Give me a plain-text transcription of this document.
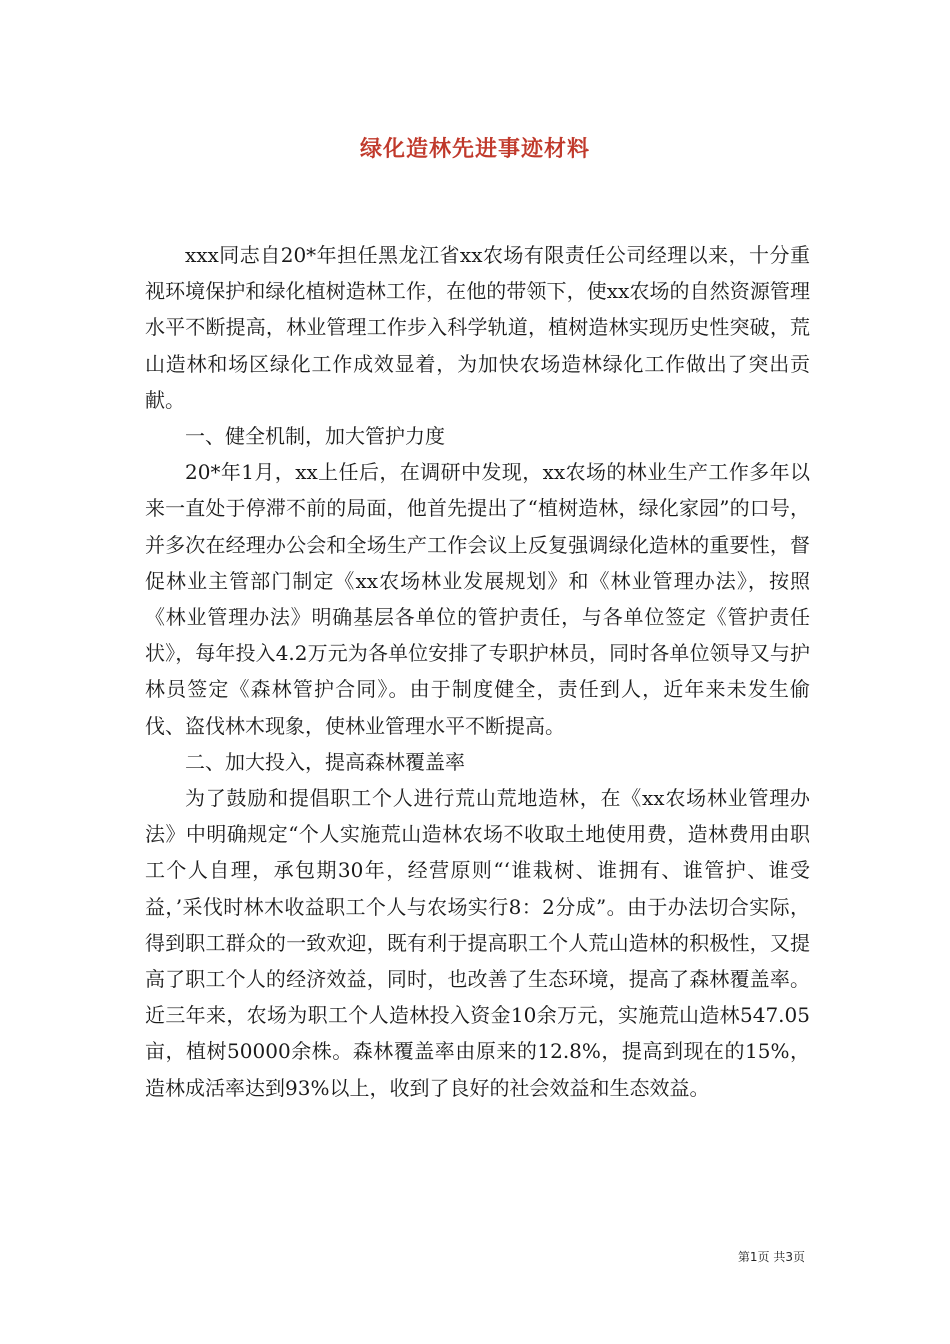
绿化造林先进事迹材料

xxx同志自20*年担任黑龙江省xx农场有限责任公司经理以来，十分重视环境保护和绿化植树造林工作，在他的带领下，使xx农场的自然资源管理水平不断提高，林业管理工作步入科学轨道，植树造林实现历史性突破，荒山造林和场区绿化工作成效显着，为加快农场造林绿化工作做出了突出贡献。

一、健全机制，加大管护力度

20*年1月，xx上任后，在调研中发现，xx农场的林业生产工作多年以来一直处于停滞不前的局面，他首先提出了“植树造林，绿化家园”的口号，并多次在经理办公会和全场生产工作会议上反复强调绿化造林的重要性，督促林业主管部门制定《xx农场林业发展规划》和《林业管理办法》，按照《林业管理办法》明确基层各单位的管护责任，与各单位签定《管护责任状》，每年投入4.2万元为各单位安排了专职护林员，同时各单位领导又与护林员签定《森林管护合同》。由于制度健全，责任到人，近年来未发生偷伐、盗伐林木现象，使林业管理水平不断提高。

二、加大投入，提高森林覆盖率

为了鼓励和提倡职工个人进行荒山荒地造林，在《xx农场林业管理办法》中明确规定“个人实施荒山造林农场不收取土地使用费，造林费用由职工个人自理，承包期30年，经营原则“‘谁栽树、谁拥有、谁管护、谁受益，’采伐时林木收益职工个人与农场实行8：2分成”。由于办法切合实际，得到职工群众的一致欢迎，既有利于提高职工个人荒山造林的积极性，又提高了职工个人的经济效益，同时，也改善了生态环境，提高了森林覆盖率。近三年来，农场为职工个人造林投入资金10余万元，实施荒山造林547.05亩，植树50000余株。森林覆盖率由原来的12.8%，提高到现在的15%，造林成活率达到93%以上，收到了良好的社会效益和生态效益。

第1页 共3页
